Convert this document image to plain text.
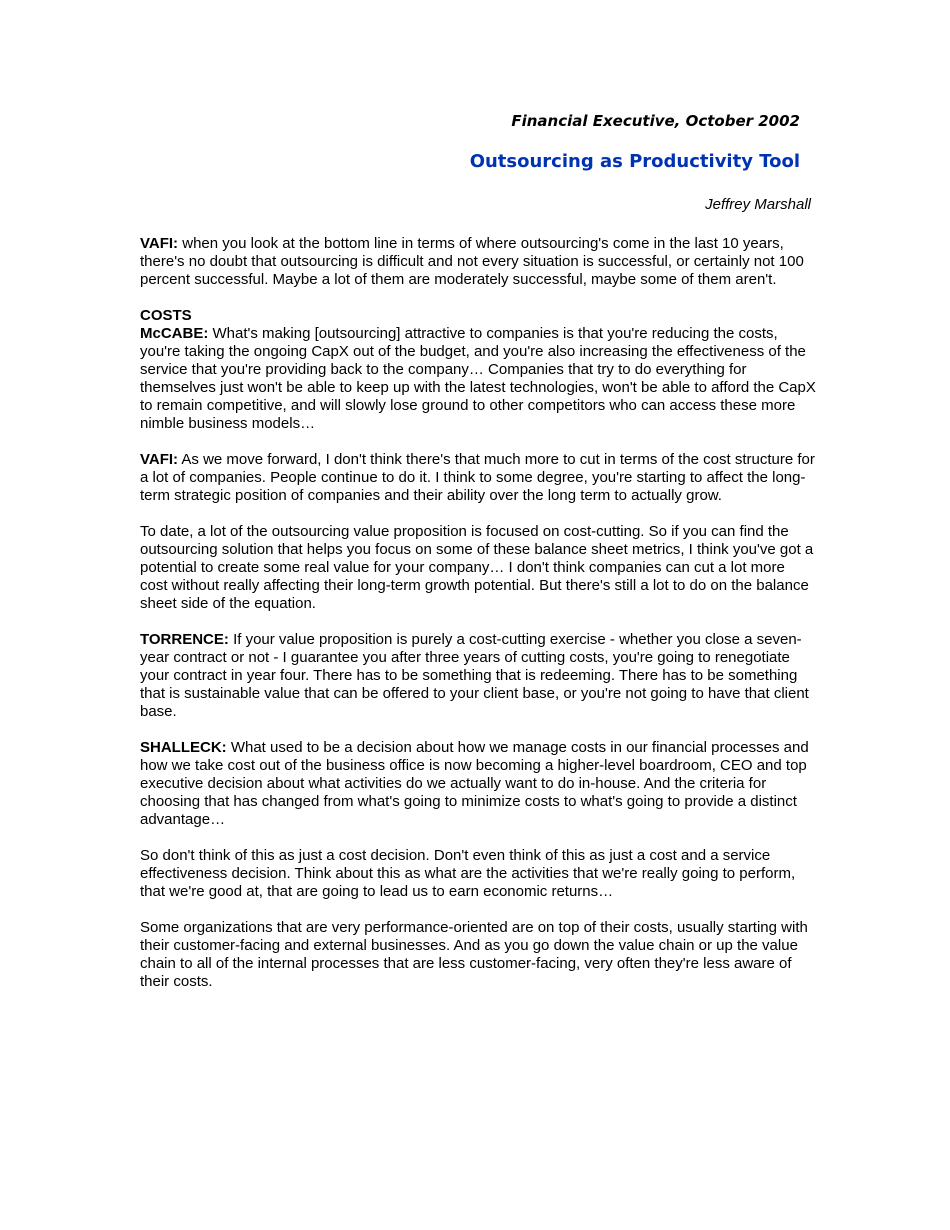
Financial Executive, October 2002
Outsourcing as Productivity Tool
Jeffrey Marshall

VAFI: when you look at the bottom line in terms of where outsourcing's come in the last 10 years, there's no doubt that outsourcing is difficult and not every situation is successful, or certainly not 100 percent successful. Maybe a lot of them are moderately successful, maybe some of them aren't.

COSTS
McCABE: What's making [outsourcing] attractive to companies is that you're reducing the costs, you're taking the ongoing CapX out of the budget, and you're also increasing the effectiveness of the service that you're providing back to the company… Companies that try to do everything for themselves just won't be able to keep up with the latest technologies, won't be able to afford the CapX to remain competitive, and will slowly lose ground to other competitors who can access these more nimble business models…

VAFI: As we move forward, I don't think there's that much more to cut in terms of the cost structure for a lot of companies. People continue to do it. I think to some degree, you're starting to affect the long-term strategic position of companies and their ability over the long term to actually grow.

To date, a lot of the outsourcing value proposition is focused on cost-cutting. So if you can find the outsourcing solution that helps you focus on some of these balance sheet metrics, I think you've got a potential to create some real value for your company… I don't think companies can cut a lot more cost without really affecting their long-term growth potential. But there's still a lot to do on the balance sheet side of the equation.

TORRENCE: If your value proposition is purely a cost-cutting exercise - whether you close a seven-year contract or not - I guarantee you after three years of cutting costs, you're going to renegotiate your contract in year four. There has to be something that is redeeming. There has to be something that is sustainable value that can be offered to your client base, or you're not going to have that client base.

SHALLECK: What used to be a decision about how we manage costs in our financial processes and how we take cost out of the business office is now becoming a higher-level boardroom, CEO and top executive decision about what activities do we actually want to do in-house. And the criteria for choosing that has changed from what's going to minimize costs to what's going to provide a distinct advantage…

So don't think of this as just a cost decision. Don't even think of this as just a cost and a service effectiveness decision. Think about this as what are the activities that we're really going to perform, that we're good at, that are going to lead us to earn economic returns…

Some organizations that are very performance-oriented are on top of their costs, usually starting with their customer-facing and external businesses. And as you go down the value chain or up the value chain to all of the internal processes that are less customer-facing, very often they're less aware of their costs.
